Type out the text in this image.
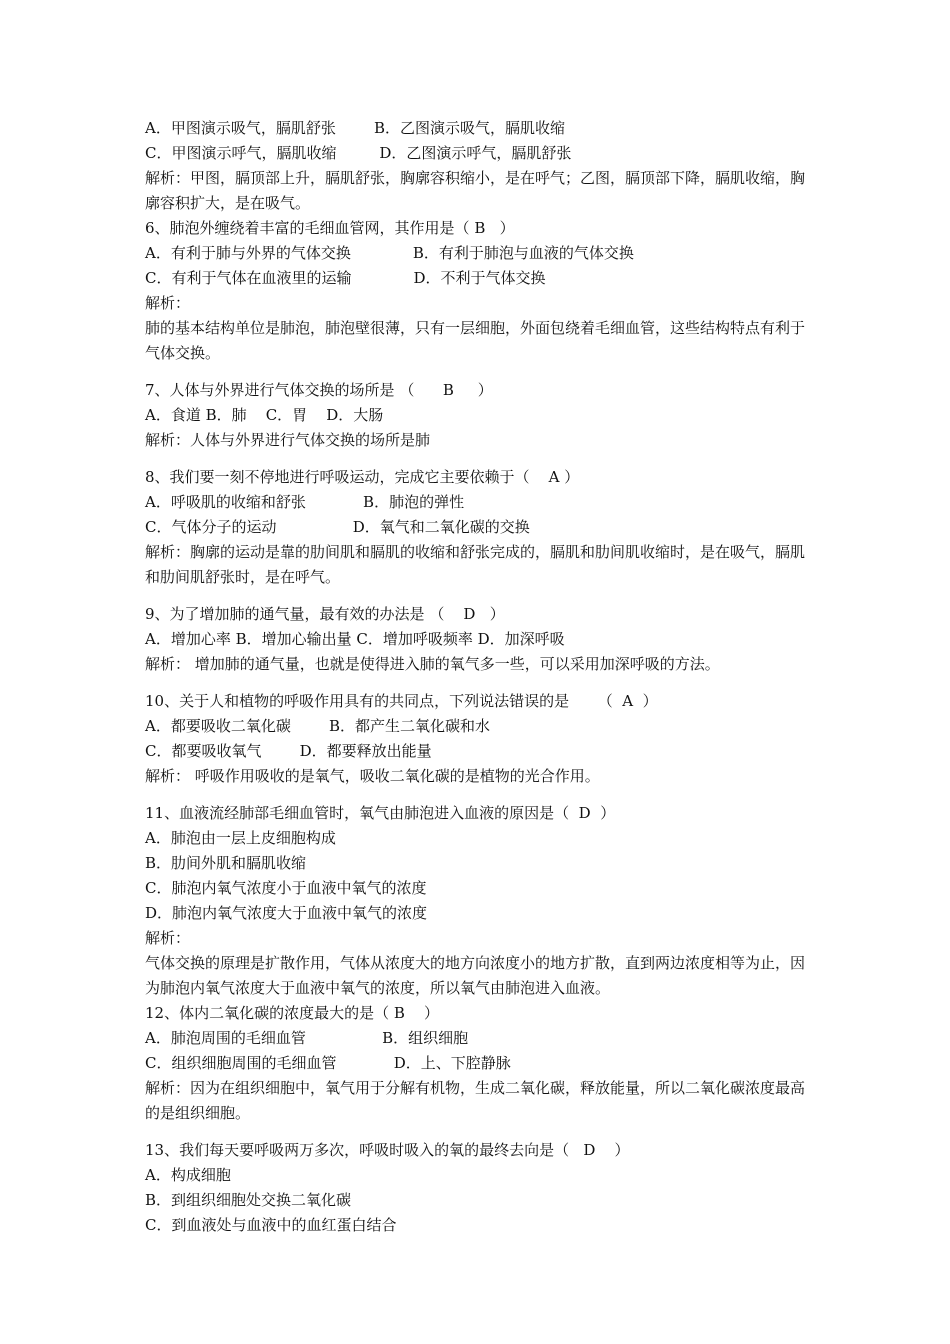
A．甲图演示吸气，膈肌舒张        B．乙图演示吸气，膈肌收缩
C．甲图演示呼气，膈肌收缩         D．乙图演示呼气，膈肌舒张
解析：甲图，膈顶部上升，膈肌舒张，胸廓容积缩小，是在呼气；乙图，膈顶部下降，膈肌收缩，胸廓容积扩大，是在吸气。
6、肺泡外缠绕着丰富的毛细血管网，其作用是（ B   ）
A．有利于肺与外界的气体交换             B．有利于肺泡与血液的气体交换
C．有利于气体在血液里的运输             D．不利于气体交换
解析：
肺的基本结构单位是肺泡，肺泡壁很薄，只有一层细胞，外面包绕着毛细血管，这些结构特点有利于气体交换。
7、人体与外界进行气体交换的场所是 （      B     ）
A．食道 B．肺    C．胃    D．大肠
解析：人体与外界进行气体交换的场所是肺
8、我们要一刻不停地进行呼吸运动，完成它主要依赖于（    A ）
A．呼吸肌的收缩和舒张            B．肺泡的弹性
C．气体分子的运动                D．氧气和二氧化碳的交换
解析：胸廓的运动是靠的肋间肌和膈肌的收缩和舒张完成的，膈肌和肋间肌收缩时，是在吸气，膈肌和肋间肌舒张时，是在呼气。
9、为了增加肺的通气量，最有效的办法是 （    D   ）
A．增加心率 B．增加心输出量 C．增加呼吸频率 D．加深呼吸
解析： 增加肺的通气量，也就是使得进入肺的氧气多一些，可以采用加深呼吸的方法。
10、关于人和植物的呼吸作用具有的共同点，下列说法错误的是      （  A  ）
A．都要吸收二氧化碳        B．都产生二氧化碳和水
C．都要吸收氧气        D．都要释放出能量
解析： 呼吸作用吸收的是氧气，吸收二氧化碳的是植物的光合作用。
11、血液流经肺部毛细血管时，氧气由肺泡进入血液的原因是（  D  ）
A．肺泡由一层上皮细胞构成
B．肋间外肌和膈肌收缩
C．肺泡内氧气浓度小于血液中氧气的浓度
D．肺泡内氧气浓度大于血液中氧气的浓度
解析：
气体交换的原理是扩散作用，气体从浓度大的地方向浓度小的地方扩散，直到两边浓度相等为止，因为肺泡内氧气浓度大于血液中氧气的浓度，所以氧气由肺泡进入血液。
12、体内二氧化碳的浓度最大的是（ B    ）
A．肺泡周围的毛细血管                B．组织细胞
C．组织细胞周围的毛细血管            D．上、下腔静脉
解析：因为在组织细胞中，氧气用于分解有机物，生成二氧化碳，释放能量，所以二氧化碳浓度最高的是组织细胞。
13、我们每天要呼吸两万多次，呼吸时吸入的氧的最终去向是（   D    ）
A．构成细胞
B．到组织细胞处交换二氧化碳
C．到血液处与血液中的血红蛋白结合
